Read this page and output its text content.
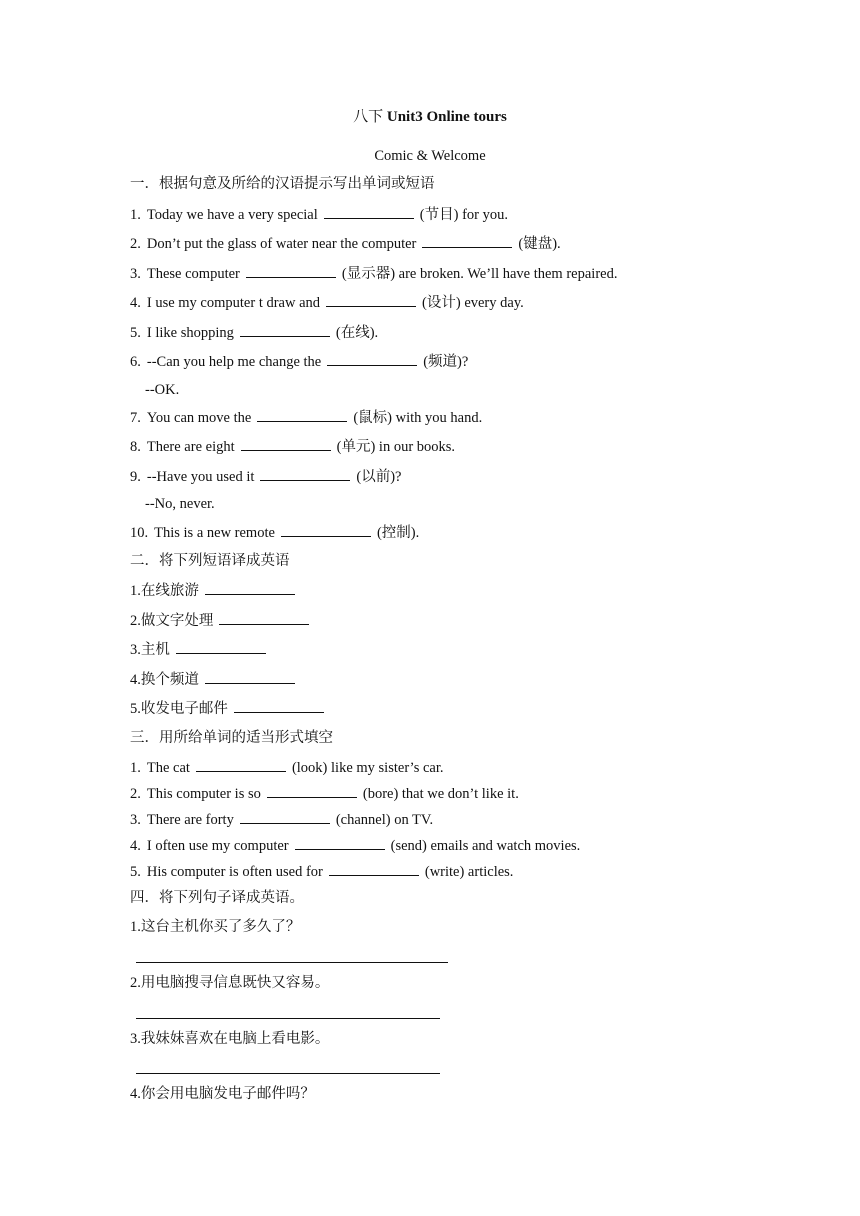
八下 Unit3 Online tours
Comic & Welcome
一．根据句意及所给的汉语提示写出单词或短语
1. Today we have a very special	(节目) for you.
2. Don’t put the glass of water near the computer	(键盘).
3. These computer	(显示器) are broken. We’ll have them repaired.
4. I use my computer t draw and	(设计) every day.
5. I like shopping	(在线).
6. --Can you help me change the	(频道)?
--OK.
7. You can move the	(鼠标) with you hand.
8. There are eight	(单元) in our books.
9. --Have you used it	(以前)?
--No, never.
10. This is a new remote	(控制).
二．将下列短语译成英语
1.在线旅游
2.做文字处理
3.主机
4.换个频道
5.收发电子邮件
三．用所给单词的适当形式填空
1. The cat	(look) like my sister’s car.
2. This computer is so	(bore) that we don’t like it.
3. There are forty	(channel) on TV.
4. I often use my computer	(send) emails and watch movies.
5. His computer is often used for	(write) articles.
四．将下列句子译成英语。
1.这台主机你买了多久了？
2.用电脑搜寻信息既快又容易。
3.我妹妹喜欢在电脑上看电影。
4.你会用电脑发电子邮件吗？
